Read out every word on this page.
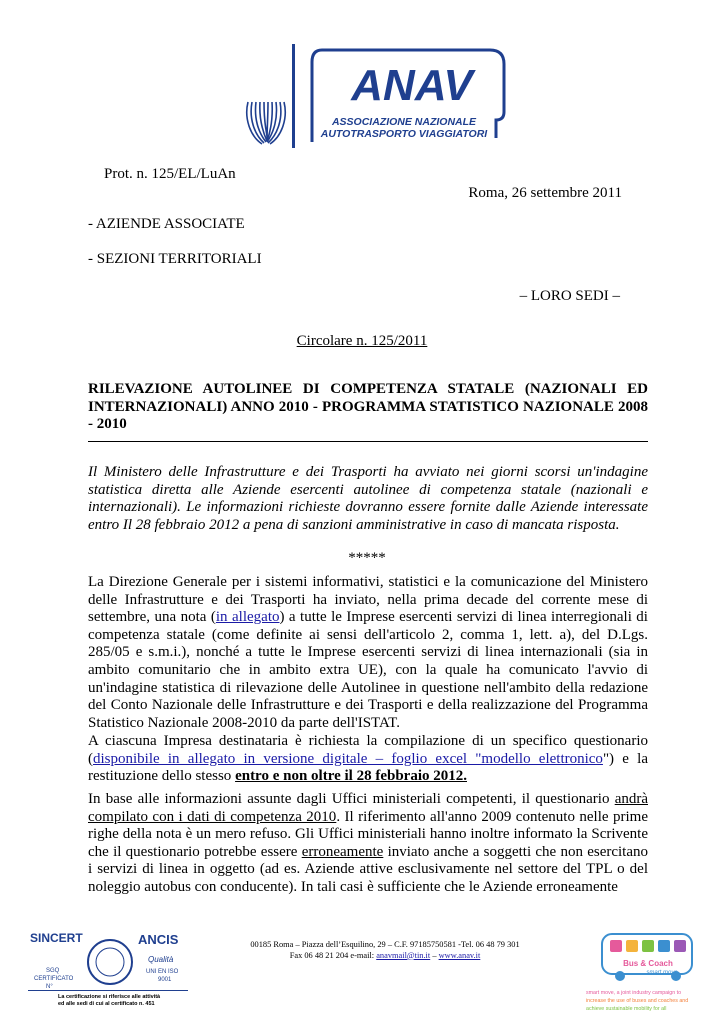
ANAV
ASSOCIAZIONE NAZIONALE
AUTOTRASPORTO VIAGGIATORI
Prot. n. 125/EL/LuAn
Roma, 26 settembre 2011
- AZIENDE ASSOCIATE
- SEZIONI TERRITORIALI
– LORO SEDI –
Circolare n. 125/2011
RILEVAZIONE AUTOLINEE DI COMPETENZA STATALE (NAZIONALI ED INTERNAZIONALI) ANNO 2010 - PROGRAMMA STATISTICO NAZIONALE 2008 - 2010
Il Ministero delle Infrastrutture e dei Trasporti ha avviato nei giorni scorsi un'indagine statistica diretta alle Aziende esercenti autolinee di competenza statale (nazionali e internazionali). Le informazioni richieste dovranno essere fornite dalle Aziende interessate entro Il 28 febbraio 2012 a pena di sanzioni amministrative in caso di mancata risposta.
*****
La Direzione Generale per i sistemi informativi, statistici e la comunicazione del Ministero delle Infrastrutture e dei Trasporti ha inviato, nella prima decade del corrente mese di settembre, una nota (in allegato) a tutte le Imprese esercenti servizi di linea interregionali di competenza statale (come definite ai sensi dell'articolo 2, comma 1, lett. a), del D.Lgs. 285/05 e s.m.i.), nonché a tutte le Imprese esercenti servizi di linea internazionali (sia in ambito comunitario che in ambito extra UE), con la quale ha comunicato l'avvio di un'indagine statistica di rilevazione delle Autolinee in questione nell'ambito della redazione del Conto Nazionale delle Infrastrutture e dei Trasporti e della realizzazione del Programma Statistico Nazionale 2008-2010 da parte dell'ISTAT.
A ciascuna Impresa destinataria è richiesta la compilazione di un specifico questionario (disponibile in allegato in versione digitale – foglio excel "modello elettronico") e la restituzione dello stesso entro e non oltre il 28 febbraio 2012.
In base alle informazioni assunte dagli Uffici ministeriali competenti, il questionario andrà compilato con i dati di competenza 2010. Il riferimento all'anno 2009 contenuto nelle prime righe della nota è un mero refuso. Gli Uffici ministeriali hanno inoltre informato la Scrivente che il questionario potrebbe essere erroneamente inviato anche a soggetti che non esercitano i servizi di linea in oggetto (ad es. Aziende attive esclusivamente nel settore del TPL o del noleggio autobus con conducente). In tali casi è sufficiente che le Aziende erroneamente
SINCERT	ANCIS
Qualità
UNI EN ISO
9001
SGQ
CERTIFICATO
N°
La certificazione si riferisce alle attività
ed alle sedi di cui al certificato n. 451
00185 Roma – Piazza dell’Esquilino, 29 – C.F. 97185750581 -Tel. 06 48 79 301
Fax 06 48 21 204 e-mail: anavmail@tin.it – www.anav.it
Bus & Coach
smart move
smart move, a joint industry campaign to
increase the use of buses and coaches and
achieve sustainable mobility for all
